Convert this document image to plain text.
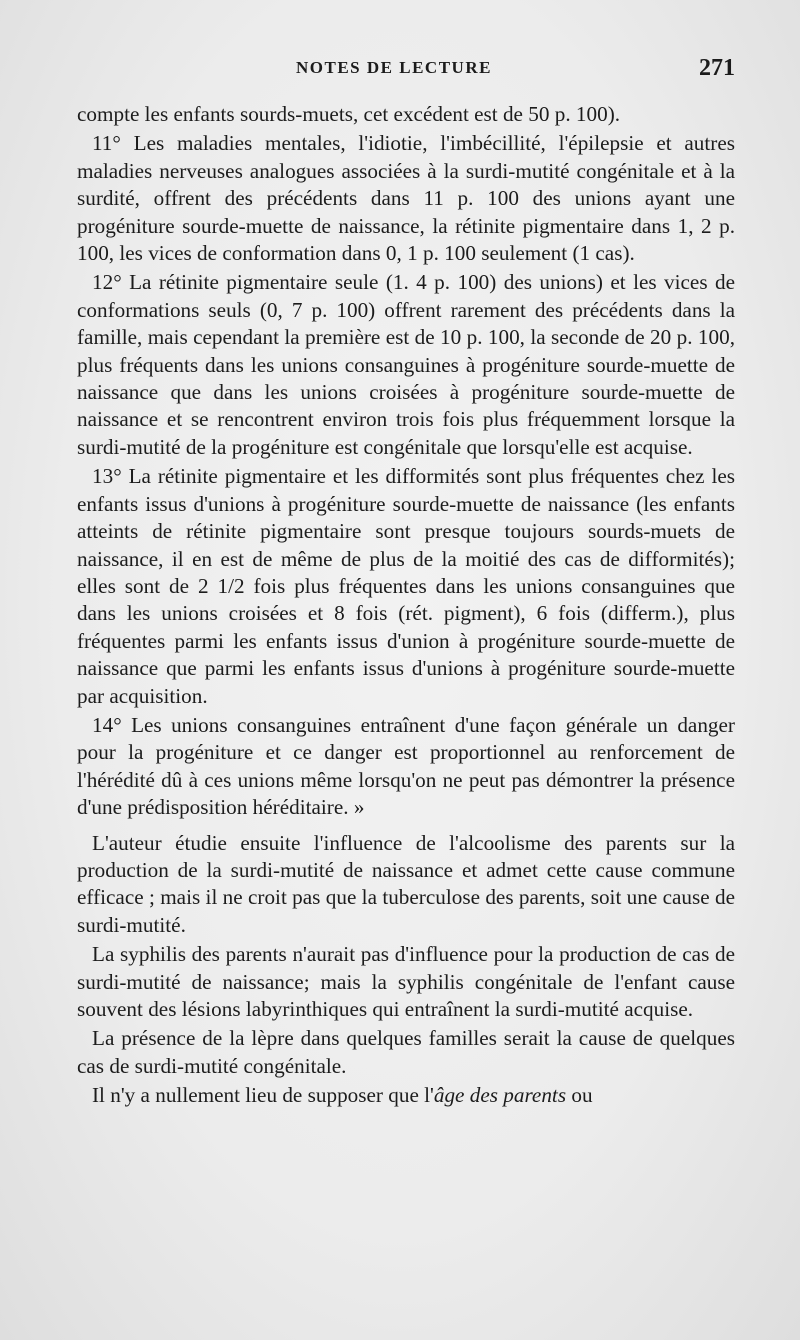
NOTES DE LECTURE	271

compte les enfants sourds-muets, cet excédent est de 50 p. 100).

11° Les maladies mentales, l'idiotie, l'imbécillité, l'épilepsie et autres maladies nerveuses analogues associées à la surdi-mutité congénitale et à la surdité, offrent des précédents dans 11 p. 100 des unions ayant une progéniture sourde-muette de naissance, la rétinite pigmentaire dans 1, 2 p. 100, les vices de conformation dans 0, 1 p. 100 seulement (1 cas).

12° La rétinite pigmentaire seule (1. 4 p. 100) des unions) et les vices de conformations seuls (0, 7 p. 100) offrent rarement des précédents dans la famille, mais cependant la première est de 10 p. 100, la seconde de 20 p. 100, plus fréquents dans les unions consanguines à progéniture sourde-muette de naissance que dans les unions croisées à progéniture sourde-muette de naissance et se rencontrent environ trois fois plus fréquemment lorsque la surdi-mutité de la progéniture est congénitale que lorsqu'elle est acquise.

13° La rétinite pigmentaire et les difformités sont plus fréquentes chez les enfants issus d'unions à progéniture sourde-muette de naissance (les enfants atteints de rétinite pigmentaire sont presque toujours sourds-muets de naissance, il en est de même de plus de la moitié des cas de difformités); elles sont de 2 1/2 fois plus fréquentes dans les unions consanguines que dans les unions croisées et 8 fois (rét. pigment), 6 fois (differm.), plus fréquentes parmi les enfants issus d'union à progéniture sourde-muette de naissance que parmi les enfants issus d'unions à progéniture sourde-muette par acquisition.

14° Les unions consanguines entraînent d'une façon générale un danger pour la progéniture et ce danger est proportionnel au renforcement de l'hérédité dû à ces unions même lorsqu'on ne peut pas démontrer la présence d'une prédisposition héréditaire. »

L'auteur étudie ensuite l'influence de l'alcoolisme des parents sur la production de la surdi-mutité de naissance et admet cette cause commune efficace ; mais il ne croit pas que la tuberculose des parents, soit une cause de surdi-mutité.

La syphilis des parents n'aurait pas d'influence pour la production de cas de surdi-mutité de naissance; mais la syphilis congénitale de l'enfant cause souvent des lésions labyrinthiques qui entraînent la surdi-mutité acquise.

La présence de la lèpre dans quelques familles serait la cause de quelques cas de surdi-mutité congénitale.

Il n'y a nullement lieu de supposer que l'âge des parents ou
